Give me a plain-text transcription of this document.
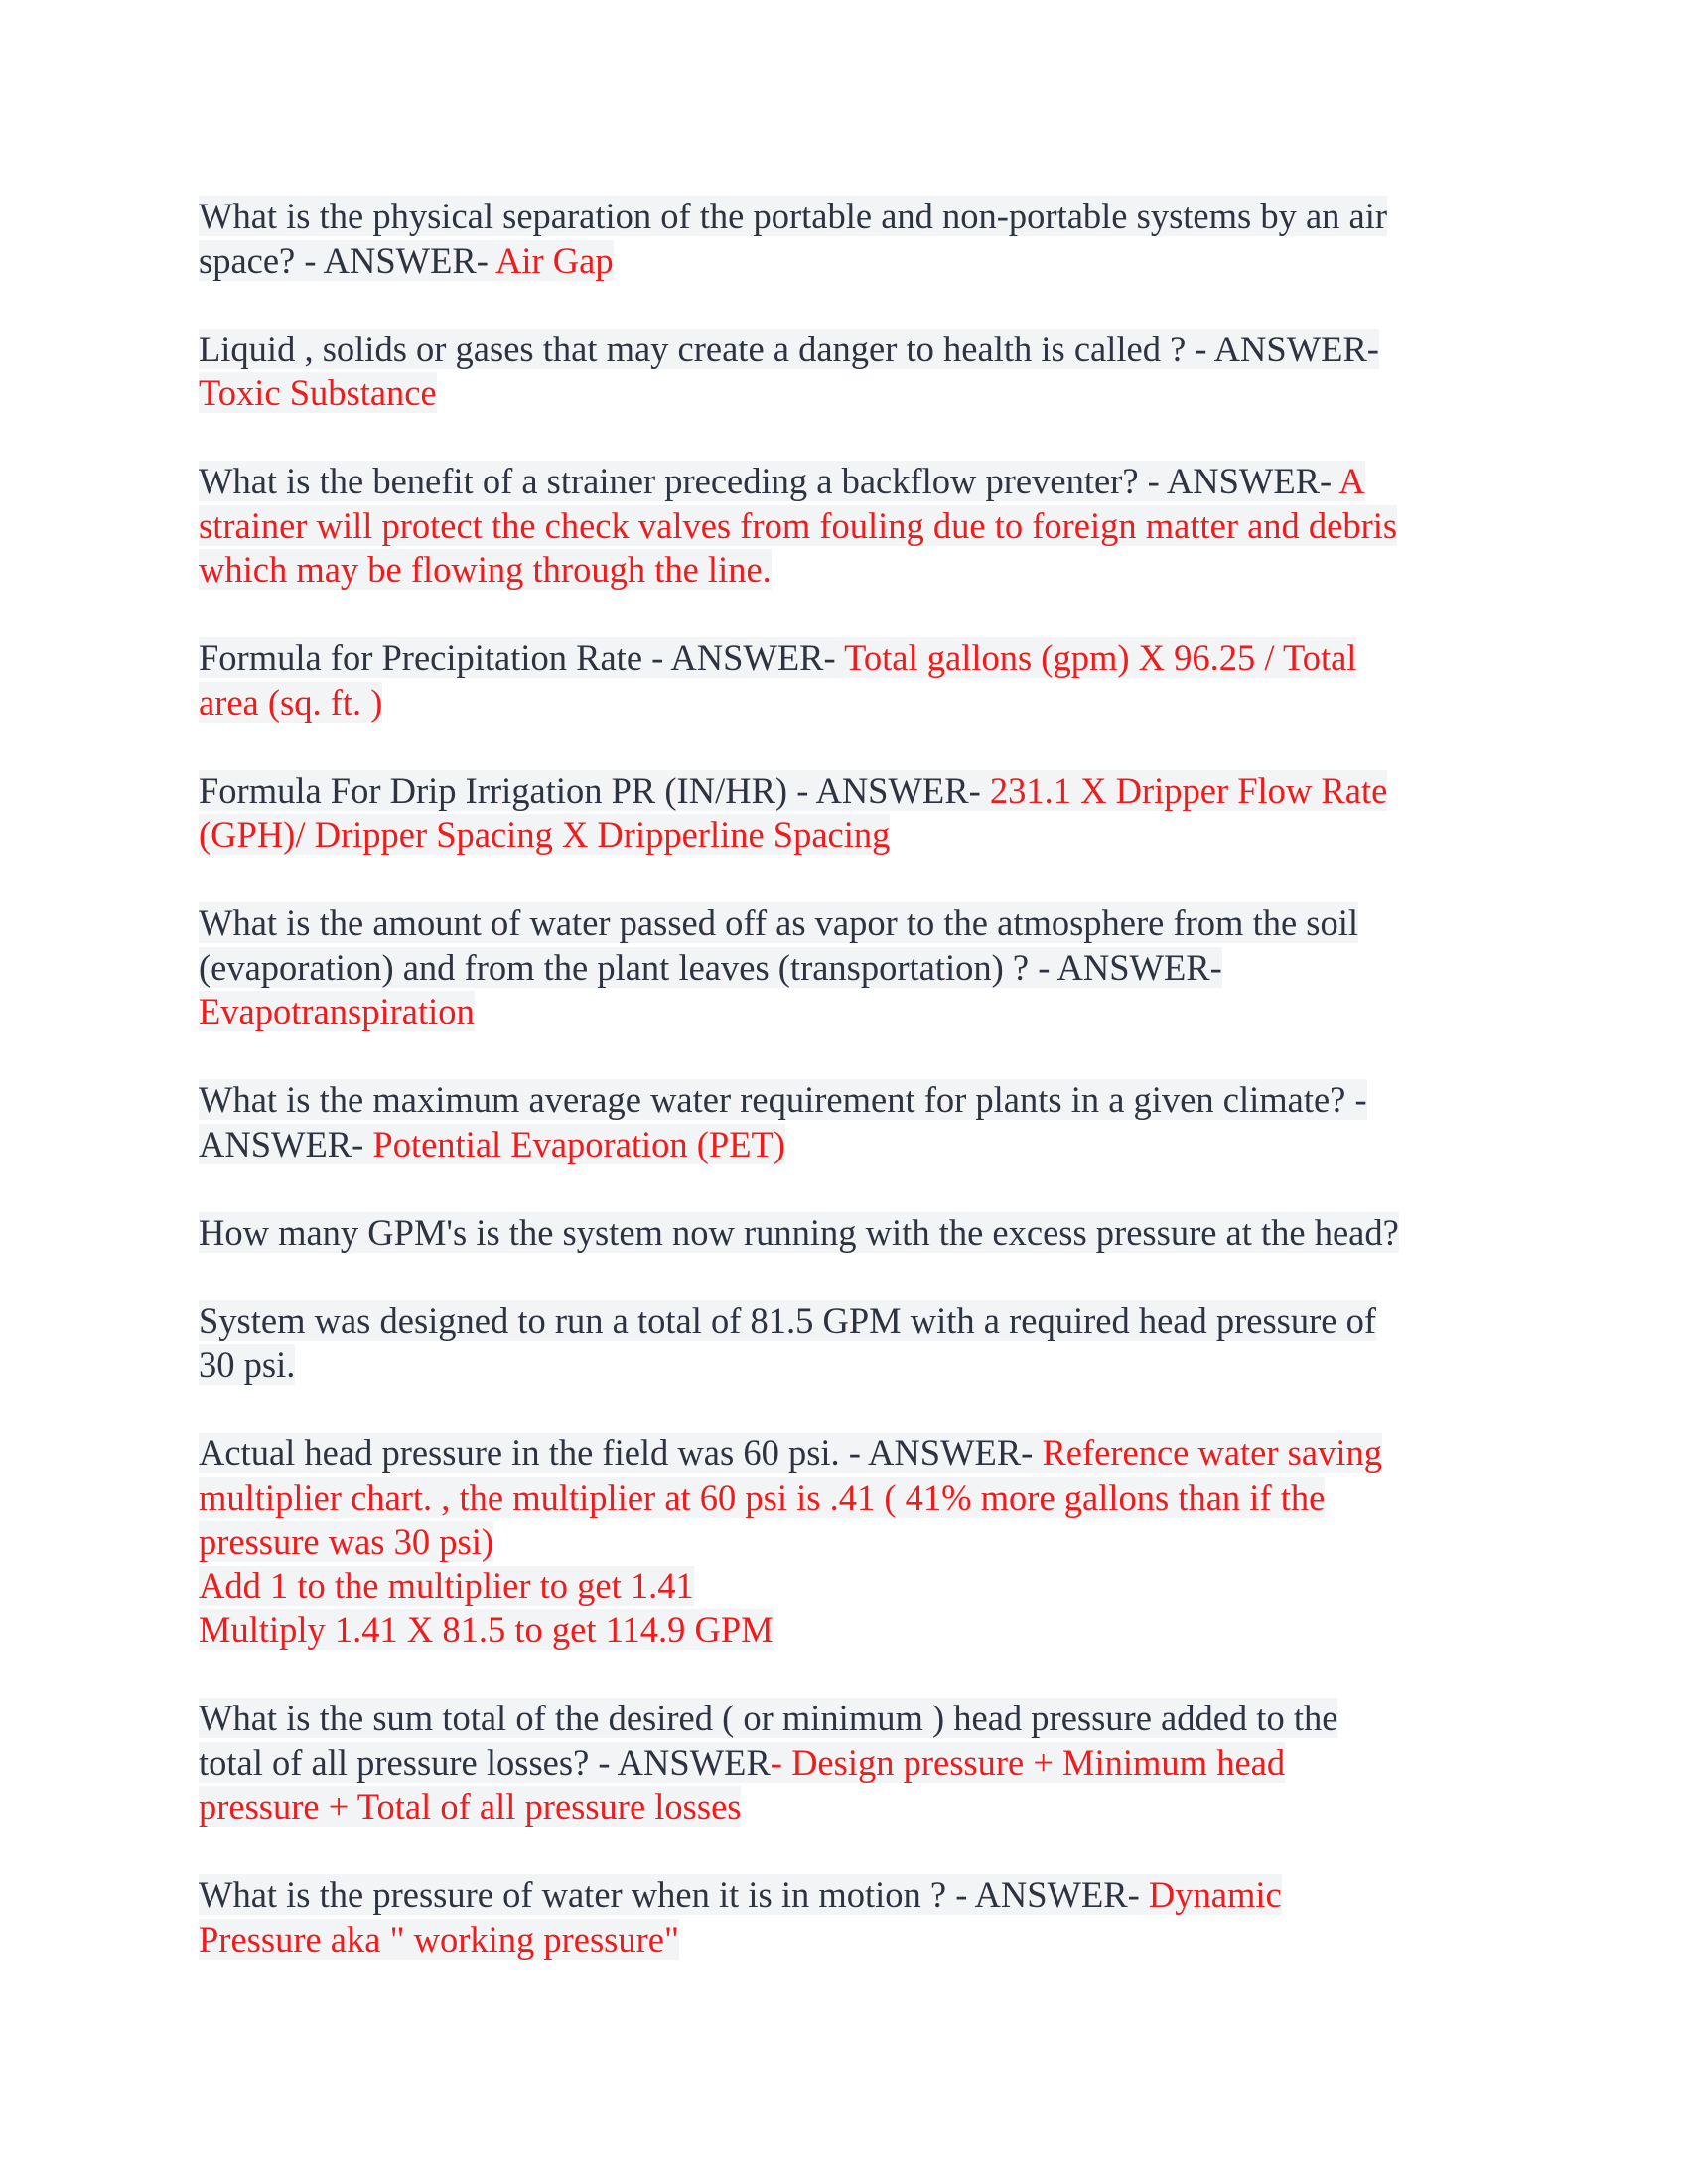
What is the physical separation of the portable and non-portable systems by an air
space? - ANSWER- Air Gap

Liquid , solids or gases that may create a danger to health is called ? - ANSWER-
Toxic Substance

What is the benefit of a strainer preceding a backflow preventer? - ANSWER- A
strainer will protect the check valves from fouling due to foreign matter and debris
which may be flowing through the line.

Formula for Precipitation Rate - ANSWER- Total gallons (gpm) X 96.25 / Total
area (sq. ft. )

Formula For Drip Irrigation PR (IN/HR) - ANSWER- 231.1 X Dripper Flow Rate
(GPH)/ Dripper Spacing X Dripperline Spacing

What is the amount of water passed off as vapor to the atmosphere from the soil
(evaporation) and from the plant leaves (transportation) ? - ANSWER-
Evapotranspiration

What is the maximum average water requirement for plants in a given climate? -
ANSWER- Potential Evaporation (PET)

How many GPM's is the system now running with the excess pressure at the head?

System was designed to run a total of 81.5 GPM with a required head pressure of
30 psi.

Actual head pressure in the field was 60 psi. - ANSWER- Reference water saving
multiplier chart. , the multiplier at 60 psi is .41 ( 41% more gallons than if the
pressure was 30 psi)
Add 1 to the multiplier to get 1.41
Multiply 1.41 X 81.5 to get 114.9 GPM

What is the sum total of the desired ( or minimum ) head pressure added to the
total of all pressure losses? - ANSWER- Design pressure + Minimum head
pressure + Total of all pressure losses

What is the pressure of water when it is in motion ? - ANSWER- Dynamic
Pressure aka " working pressure"
